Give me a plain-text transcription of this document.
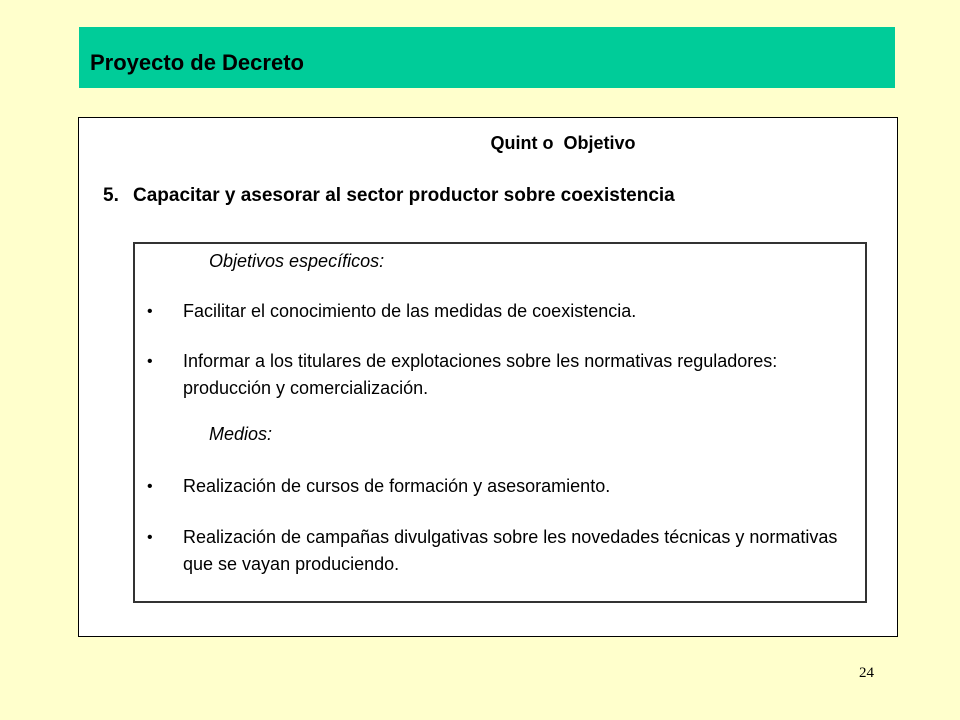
Proyecto de Decreto
Quint o  Objetivo
5. Capacitar y asesorar al sector productor sobre coexistencia
Objetivos específicos:
•	Facilitar el conocimiento de las medidas de coexistencia.
•	Informar a los titulares de explotaciones sobre les normativas reguladores: producción y comercialización.
Medios:
•	Realización de cursos de formación y asesoramiento.
•	Realización de campañas divulgativas sobre les novedades técnicas y normativas que se vayan produciendo.
24
